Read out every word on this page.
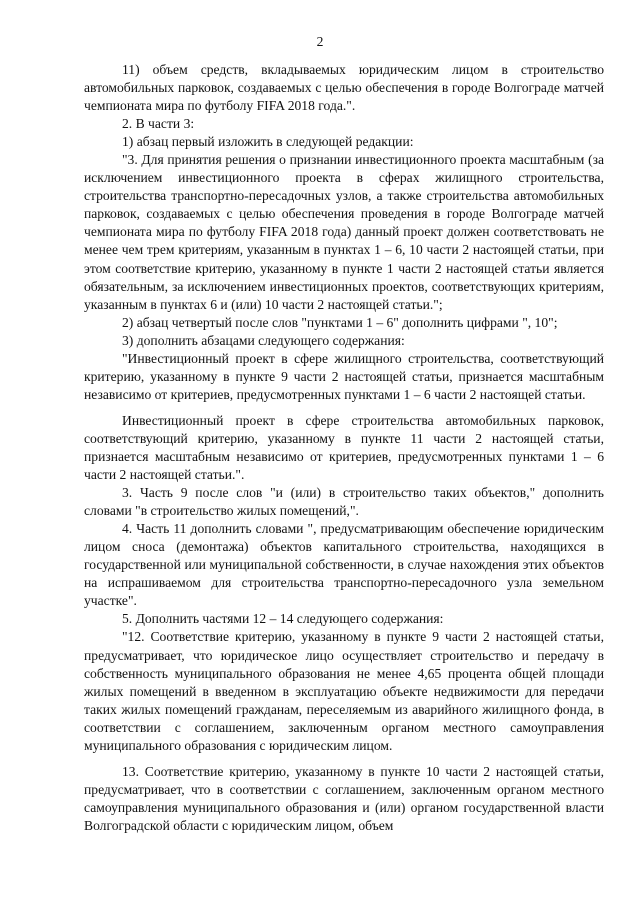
2

11) объем средств, вкладываемых юридическим лицом в строительство автомобильных парковок, создаваемых с целью обеспечения в городе Волгограде матчей чемпионата мира по футболу FIFA 2018 года.".

2. В части 3:

1) абзац первый изложить в следующей редакции:

"3. Для принятия решения о признании инвестиционного проекта масштабным (за исключением инвестиционного проекта в сферах жилищного строительства, строительства транспортно-пересадочных узлов, а также строительства автомобильных парковок, создаваемых с целью обеспечения проведения в городе Волгограде матчей чемпионата мира по футболу FIFA 2018 года) данный проект должен соответствовать не менее чем трем критериям, указанным в пунктах 1 – 6, 10 части 2 настоящей статьи, при этом соответствие критерию, указанному в пункте 1 части 2 настоящей статьи является обязательным, за исключением инвестиционных проектов, соответствующих критериям, указанным в пунктах 6 и (или) 10 части 2 настоящей статьи.";

2) абзац четвертый после слов "пунктами 1 – 6" дополнить цифрами ", 10";

3) дополнить абзацами следующего содержания:

"Инвестиционный проект в сфере жилищного строительства, соответствующий критерию, указанному в пункте 9 части 2 настоящей статьи, признается масштабным независимо от критериев, предусмотренных пунктами 1 – 6 части 2 настоящей статьи.

Инвестиционный проект в сфере строительства автомобильных парковок, соответствующий критерию, указанному в пункте 11 части 2 настоящей статьи, признается масштабным независимо от критериев, предусмотренных пунктами 1 – 6 части 2 настоящей статьи.".

3. Часть 9 после слов "и (или) в строительство таких объектов," дополнить словами "в строительство жилых помещений,".

4. Часть 11 дополнить словами ", предусматривающим обеспечение юридическим лицом сноса (демонтажа) объектов капитального строительства, находящихся в государственной или муниципальной собственности, в случае нахождения этих объектов на испрашиваемом для строительства транспортно-пересадочного узла земельном участке".

5. Дополнить частями 12 – 14 следующего содержания:

"12. Соответствие критерию, указанному в пункте 9 части 2 настоящей статьи, предусматривает, что юридическое лицо осуществляет строительство и передачу в собственность муниципального образования не менее 4,65 процента общей площади жилых помещений в введенном в эксплуатацию объекте недвижимости для передачи таких жилых помещений гражданам, переселяемым из аварийного жилищного фонда, в соответствии с соглашением, заключенным органом местного самоуправления муниципального образования с юридическим лицом.

13. Соответствие критерию, указанному в пункте 10 части 2 настоящей статьи, предусматривает, что в соответствии с соглашением, заключенным органом местного самоуправления муниципального образования и (или) органом государственной власти Волгоградской области с юридическим лицом, объем
